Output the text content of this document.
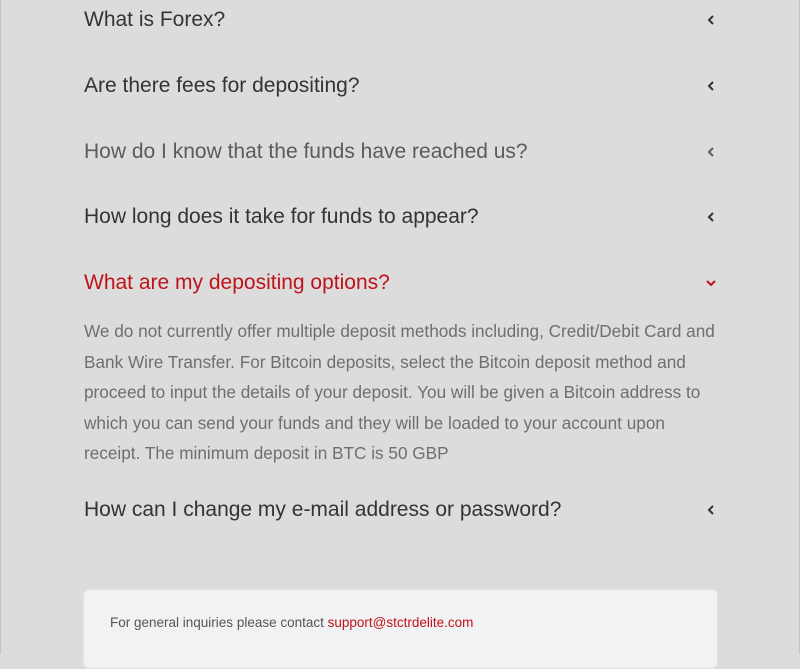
What is Forex?
Are there fees for depositing?
How do I know that the funds have reached us?
How long does it take for funds to appear?
What are my depositing options?
We do not currently offer multiple deposit methods including, Credit/Debit Card and Bank Wire Transfer. For Bitcoin deposits, select the Bitcoin deposit method and proceed to input the details of your deposit. You will be given a Bitcoin address to which you can send your funds and they will be loaded to your account upon receipt. The minimum deposit in BTC is 50 GBP
How can I change my e-mail address or password?
For general inquiries please contact support@stctrdelite.com
